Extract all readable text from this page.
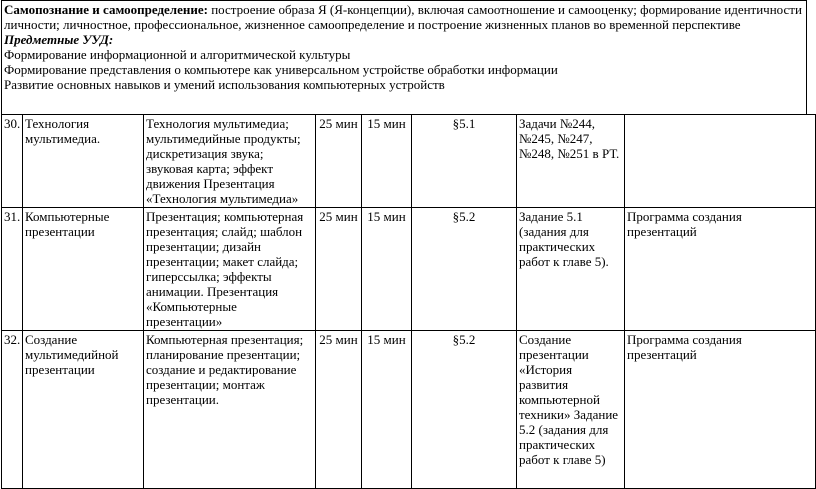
Самопознание и самоопределение: построение образа Я (Я-концепции), включая самоотношение и самооценку; формирование идентичности

личности; личностное, профессиональное, жизненное самоопределение и построение жизненных планов во временной перспективе

Предметные УУД:

Формирование информационной и алгоритмической культуры

Формирование представления о компьютере как универсальном устройстве обработки информации

Развитие основных навыков и умений использования компьютерных устройств

30.	Технология мультимедиа.	Технология мультимедиа; мультимедийные продукты; дискретизация звука; звуковая карта; эффект движения Презентация «Технология мультимедиа»	25 мин	15 мин	§5.1	Задачи №244, №245, №247, №248, №251 в РТ.	
31.	Компьютерные презентации	Презентация; компьютерная презентация; слайд; шаблон презентации; дизайн презентации; макет слайда; гиперссылка; эффекты анимации. Презентация «Компьютерные презентации»	25 мин	15 мин	§5.2	Задание 5.1 (задания для практических работ к главе 5).	Программа создания презентаций
32.	Создание мультимедийной презентации	Компьютерная презентация; планирование презентации; создание и редактирование презентации; монтаж презентации.	25 мин	15 мин	§5.2	Создание презентации «История развития компьютерной техники» Задание 5.2 (задания для практических работ к главе 5)	Программа создания презентаций
